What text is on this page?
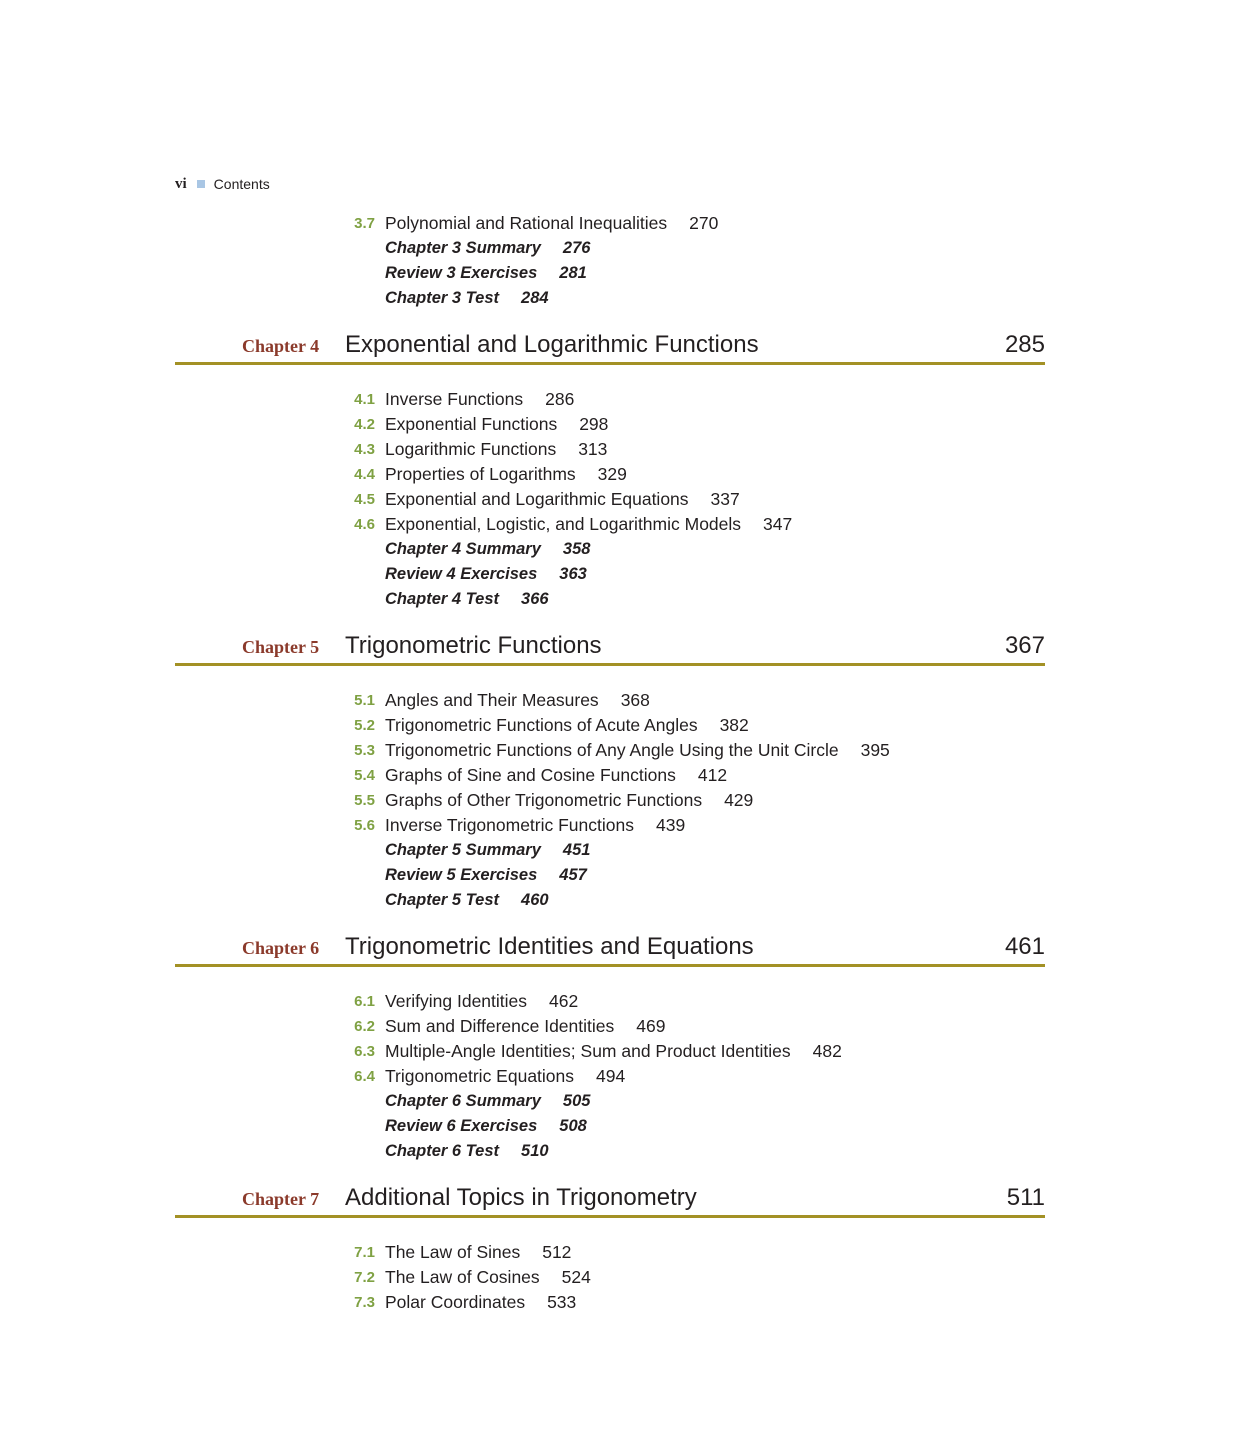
vi Contents
3.7 Polynomial and Rational Inequalities 270
Chapter 3 Summary 276
Review 3 Exercises 281
Chapter 3 Test 284
Chapter 4 Exponential and Logarithmic Functions	285
4.1 Inverse Functions 286
4.2 Exponential Functions 298
4.3 Logarithmic Functions 313
4.4 Properties of Logarithms 329
4.5 Exponential and Logarithmic Equations 337
4.6 Exponential, Logistic, and Logarithmic Models 347
Chapter 4 Summary 358
Review 4 Exercises 363
Chapter 4 Test 366
Chapter 5 Trigonometric Functions	367
5.1 Angles and Their Measures 368
5.2 Trigonometric Functions of Acute Angles 382
5.3 Trigonometric Functions of Any Angle Using the Unit Circle 395
5.4 Graphs of Sine and Cosine Functions 412
5.5 Graphs of Other Trigonometric Functions 429
5.6 Inverse Trigonometric Functions 439
Chapter 5 Summary 451
Review 5 Exercises 457
Chapter 5 Test 460
Chapter 6 Trigonometric Identities and Equations	461
6.1 Verifying Identities 462
6.2 Sum and Difference Identities 469
6.3 Multiple-Angle Identities; Sum and Product Identities 482
6.4 Trigonometric Equations 494
Chapter 6 Summary 505
Review 6 Exercises 508
Chapter 6 Test 510
Chapter 7 Additional Topics in Trigonometry	511
7.1 The Law of Sines 512
7.2 The Law of Cosines 524
7.3 Polar Coordinates 533
